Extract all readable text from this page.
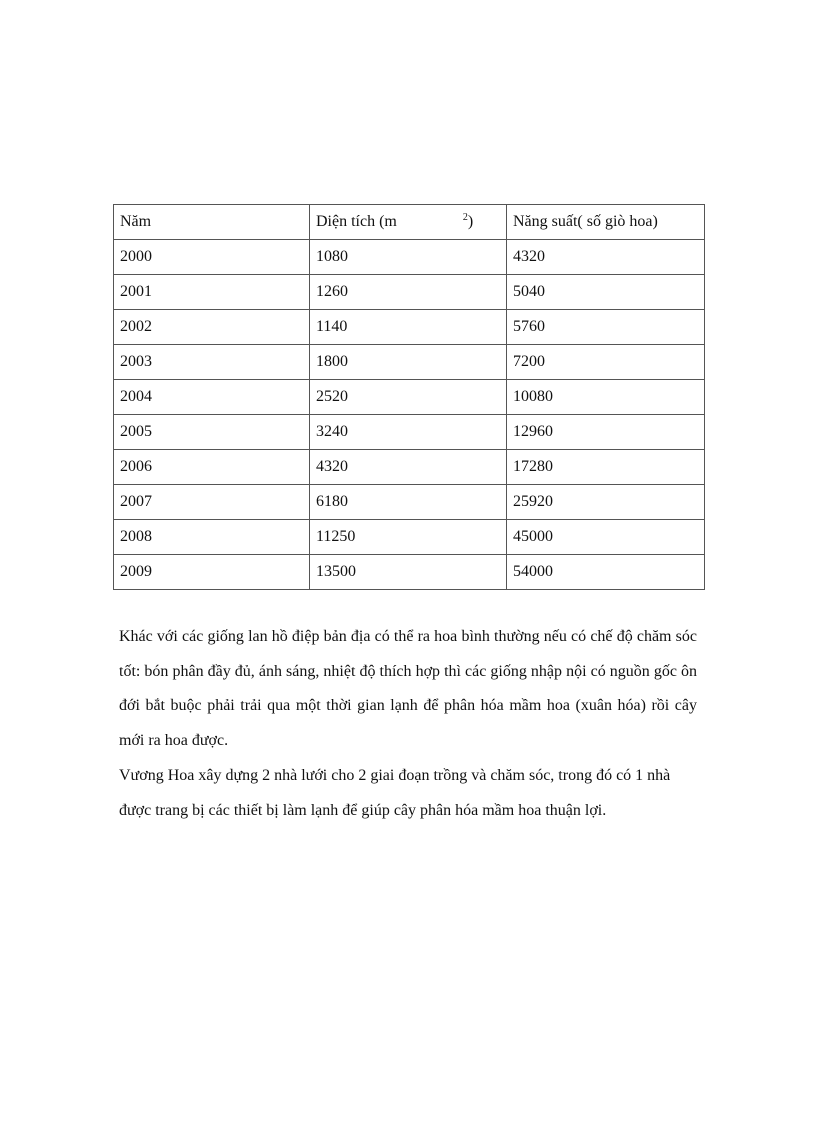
Năm	Diện tích (m $^2$)	Năng suất( số giò hoa)
2000	1080	4320
2001	1260	5040
2002	1140	5760
2003	1800	7200
2004	2520	10080
2005	3240	12960
2006	4320	17280
2007	6180	25920
2008	11250	45000
2009	13500	54000

Khác với các giống lan hồ điệp bản địa có thể ra hoa bình thường nếu có chế độ chăm sóc tốt: bón phân đầy đủ, ánh sáng, nhiệt độ thích hợp thì các giống nhập nội có nguồn gốc ôn đới bắt buộc phải trải qua một thời gian lạnh để phân hóa mầm hoa (xuân hóa) rồi cây mới ra hoa được.

Vương Hoa xây dựng 2 nhà lưới cho 2 giai đoạn trồng và chăm sóc, trong đó có 1 nhà được trang bị các thiết bị làm lạnh để giúp cây phân hóa mầm hoa thuận lợi.
